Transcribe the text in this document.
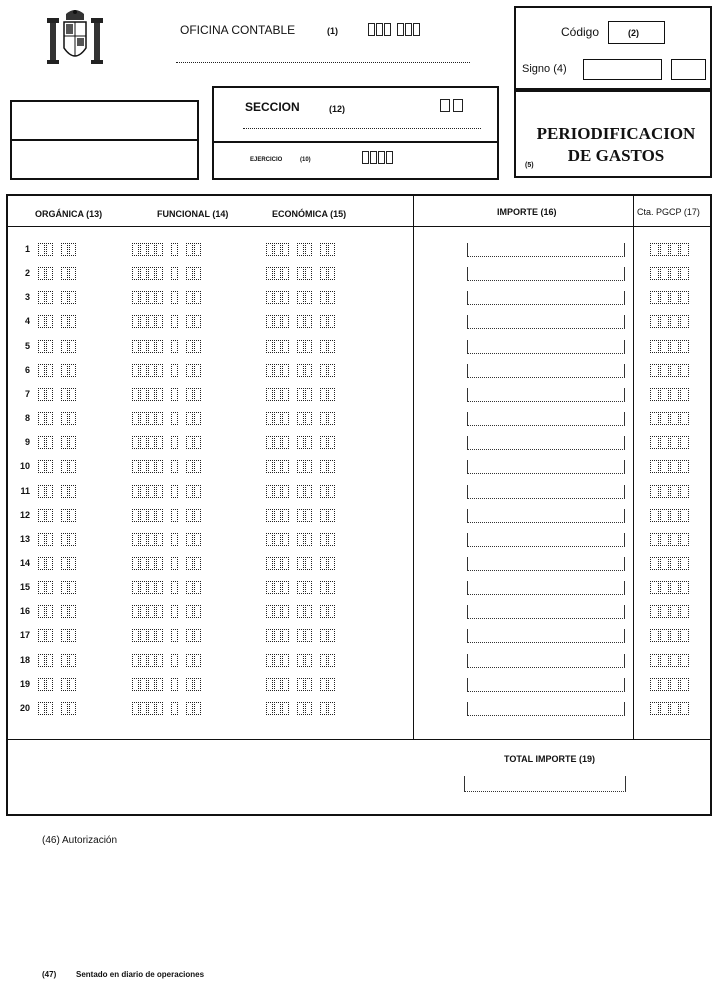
OFICINA CONTABLE	(1)	Código	(2)
Signo (4)
SECCION	(12)
EJERCICIO	(10)
PERIODIFICACION
DE GASTOS
(5)
ORGÁNICA (13)	FUNCIONAL (14)	ECONÓMICA (15)	IMPORTE (16)	Cta. PGCP (17)
1
2
3
4
5
6
7
8
9
10
11
12
13
14
15
16
17
18
19
20
TOTAL IMPORTE (19)
(46) Autorización
(47) Sentado en diario de operaciones
